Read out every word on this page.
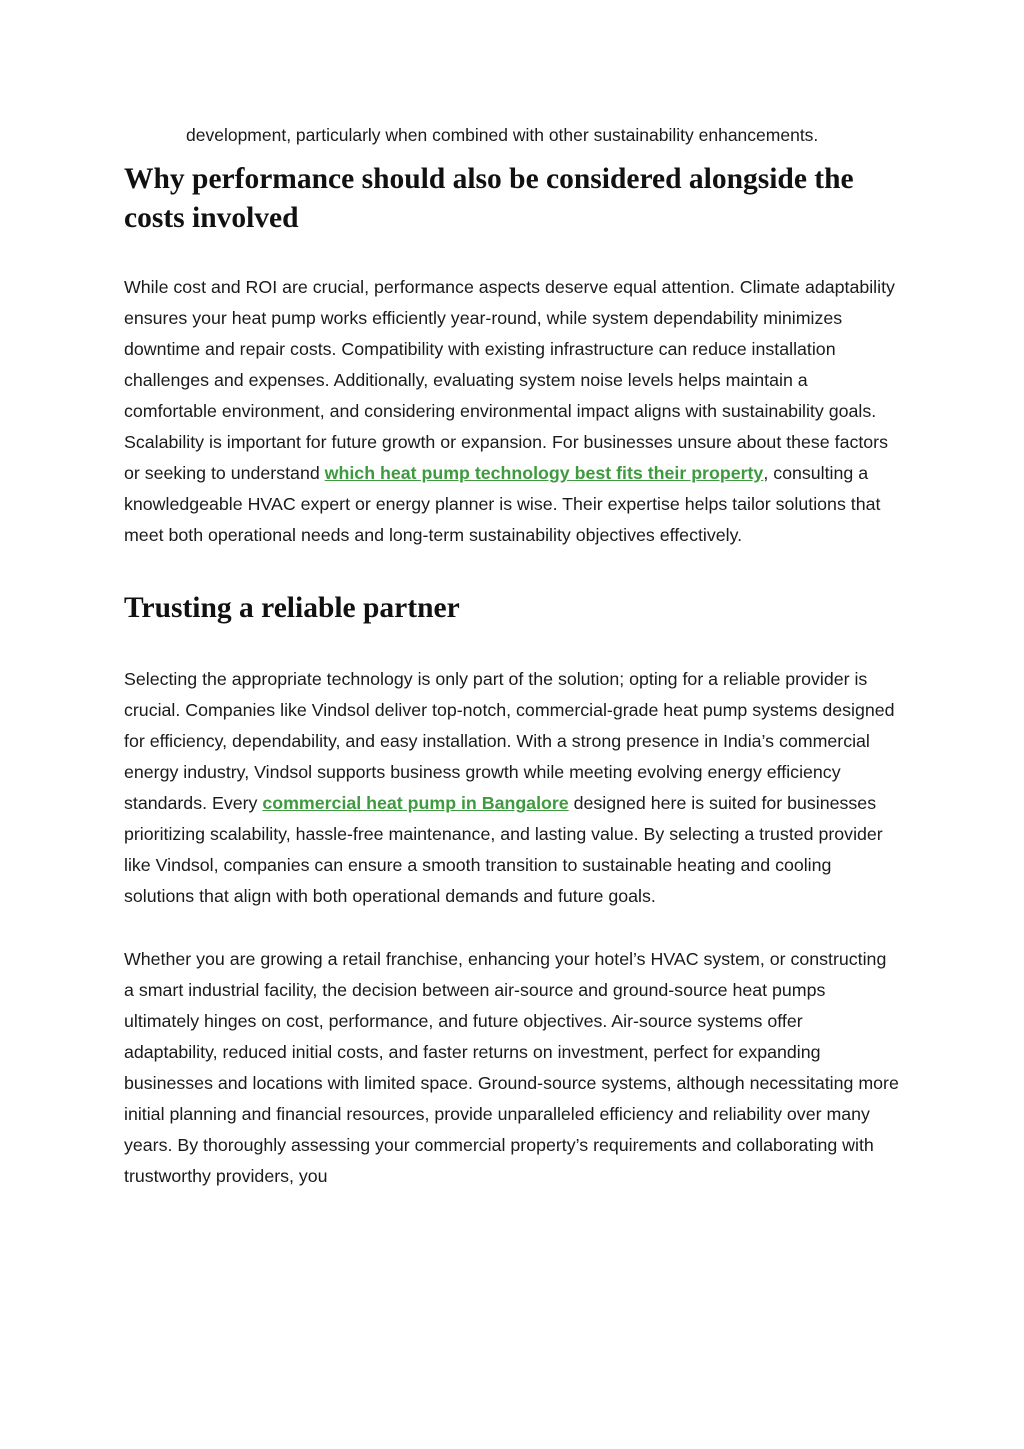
development, particularly when combined with other sustainability enhancements.
Why performance should also be considered alongside the costs involved

While cost and ROI are crucial, performance aspects deserve equal attention. Climate adaptability ensures your heat pump works efficiently year-round, while system dependability minimizes downtime and repair costs. Compatibility with existing infrastructure can reduce installation challenges and expenses. Additionally, evaluating system noise levels helps maintain a comfortable environment, and considering environmental impact aligns with sustainability goals. Scalability is important for future growth or expansion. For businesses unsure about these factors or seeking to understand which heat pump technology best fits their property, consulting a knowledgeable HVAC expert or energy planner is wise. Their expertise helps tailor solutions that meet both operational needs and long-term sustainability objectives effectively.

Trusting a reliable partner

Selecting the appropriate technology is only part of the solution; opting for a reliable provider is crucial. Companies like Vindsol deliver top-notch, commercial-grade heat pump systems designed for efficiency, dependability, and easy installation. With a strong presence in India’s commercial energy industry, Vindsol supports business growth while meeting evolving energy efficiency standards. Every commercial heat pump in Bangalore designed here is suited for businesses prioritizing scalability, hassle-free maintenance, and lasting value. By selecting a trusted provider like Vindsol, companies can ensure a smooth transition to sustainable heating and cooling solutions that align with both operational demands and future goals.

Whether you are growing a retail franchise, enhancing your hotel’s HVAC system, or constructing a smart industrial facility, the decision between air-source and ground-source heat pumps ultimately hinges on cost, performance, and future objectives. Air-source systems offer adaptability, reduced initial costs, and faster returns on investment, perfect for expanding businesses and locations with limited space. Ground-source systems, although necessitating more initial planning and financial resources, provide unparalleled efficiency and reliability over many years. By thoroughly assessing your commercial property’s requirements and collaborating with trustworthy providers, you
